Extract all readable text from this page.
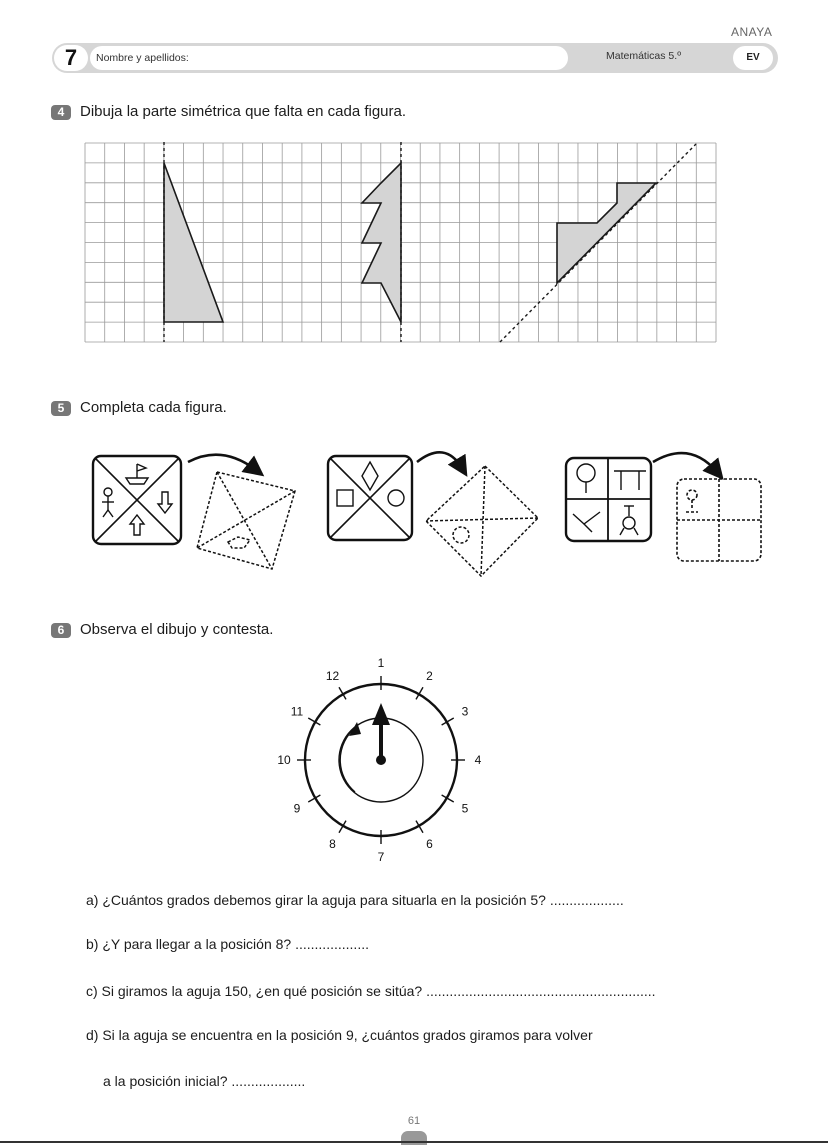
ANAYA
7	Nombre y apellidos:	Matemáticas 5.º	EV
4	Dibuja la parte simétrica que falta en cada figura.
5	Completa cada figura.
6	Observa el dibujo y contesta.
1
2
3
4
5
6
7
8
9
10
11
12
a) ¿Cuántos grados debemos girar la aguja para situarla en la posición 5? ...................
b) ¿Y para llegar a la posición 8? ...................
c) Si giramos la aguja 150, ¿en qué posición se sitúa? ...........................................................
d) Si la aguja se encuentra en la posición 9, ¿cuántos grados giramos para volver
a la posición inicial? ...................
61
